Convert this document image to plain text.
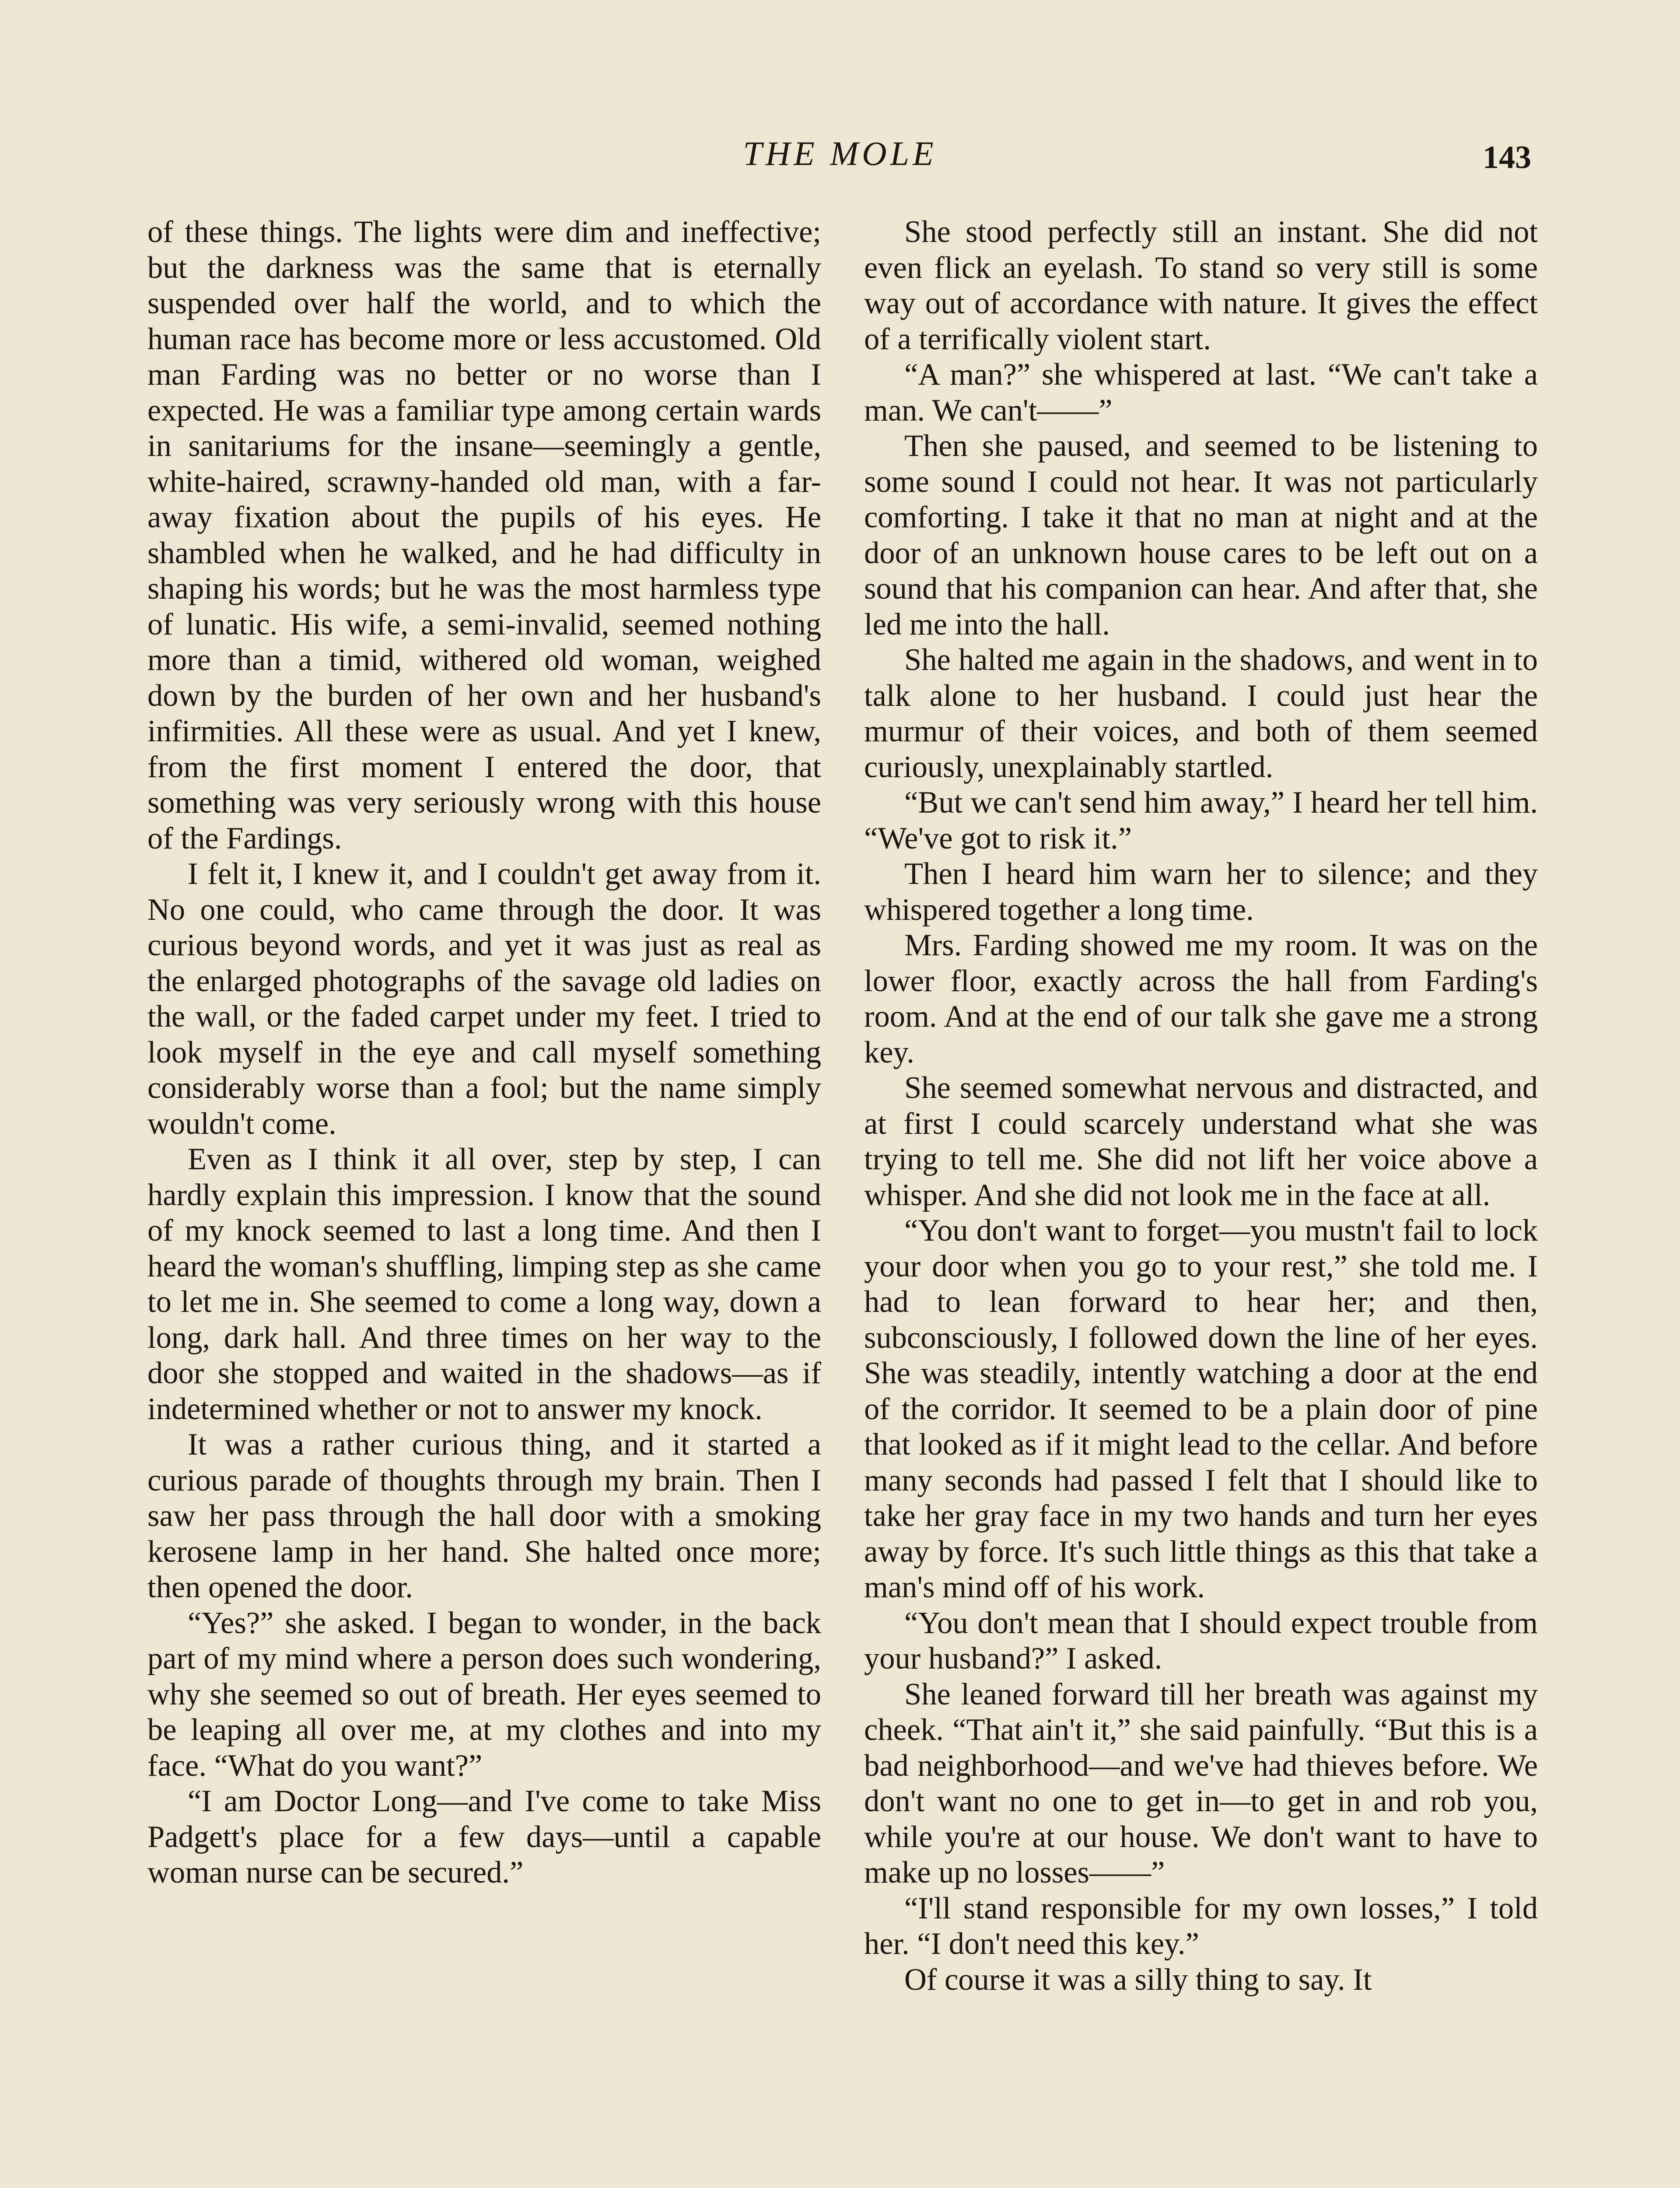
THE MOLE	143

of these things. The lights were dim and ineffective; but the darkness was the same that is eternally suspended over half the world, and to which the human race has become more or less accustomed. Old man Farding was no better or no worse than I expected. He was a familiar type among certain wards in sanitariums for the insane—seemingly a gentle, white-haired, scrawny-handed old man, with a far-away fixation about the pupils of his eyes. He shambled when he walked, and he had difficulty in shaping his words; but he was the most harmless type of lunatic. His wife, a semi-invalid, seemed nothing more than a timid, withered old woman, weighed down by the burden of her own and her husband's infirmities. All these were as usual. And yet I knew, from the first moment I entered the door, that something was very seriously wrong with this house of the Fardings.

I felt it, I knew it, and I couldn't get away from it. No one could, who came through the door. It was curious beyond words, and yet it was just as real as the enlarged photographs of the savage old ladies on the wall, or the faded carpet under my feet. I tried to look myself in the eye and call myself something considerably worse than a fool; but the name simply wouldn't come.

Even as I think it all over, step by step, I can hardly explain this impression. I know that the sound of my knock seemed to last a long time. And then I heard the woman's shuffling, limping step as she came to let me in. She seemed to come a long way, down a long, dark hall. And three times on her way to the door she stopped and waited in the shadows—as if indetermined whether or not to answer my knock.

It was a rather curious thing, and it started a curious parade of thoughts through my brain. Then I saw her pass through the hall door with a smoking kerosene lamp in her hand. She halted once more; then opened the door.

“Yes?” she asked. I began to wonder, in the back part of my mind where a person does such wondering, why she seemed so out of breath. Her eyes seemed to be leaping all over me, at my clothes and into my face. “What do you want?”

“I am Doctor Long—and I've come to take Miss Padgett's place for a few days—until a capable woman nurse can be secured.”

She stood perfectly still an instant. She did not even flick an eyelash. To stand so very still is some way out of accordance with nature. It gives the effect of a terrifically violent start.

“A man?” she whispered at last. “We can't take a man. We can't——”

Then she paused, and seemed to be listening to some sound I could not hear. It was not particularly comforting. I take it that no man at night and at the door of an unknown house cares to be left out on a sound that his companion can hear. And after that, she led me into the hall.

She halted me again in the shadows, and went in to talk alone to her husband. I could just hear the murmur of their voices, and both of them seemed curiously, unexplainably startled.

“But we can't send him away,” I heard her tell him. “We've got to risk it.”

Then I heard him warn her to silence; and they whispered together a long time.

Mrs. Farding showed me my room. It was on the lower floor, exactly across the hall from Farding's room. And at the end of our talk she gave me a strong key.

She seemed somewhat nervous and distracted, and at first I could scarcely understand what she was trying to tell me. She did not lift her voice above a whisper. And she did not look me in the face at all.

“You don't want to forget—you mustn't fail to lock your door when you go to your rest,” she told me. I had to lean forward to hear her; and then, subconsciously, I followed down the line of her eyes. She was steadily, intently watching a door at the end of the corridor. It seemed to be a plain door of pine that looked as if it might lead to the cellar. And before many seconds had passed I felt that I should like to take her gray face in my two hands and turn her eyes away by force. It's such little things as this that take a man's mind off of his work.

“You don't mean that I should expect trouble from your husband?” I asked.

She leaned forward till her breath was against my cheek. “That ain't it,” she said painfully. “But this is a bad neighborhood—and we've had thieves before. We don't want no one to get in—to get in and rob you, while you're at our house. We don't want to have to make up no losses——”

“I'll stand responsible for my own losses,” I told her. “I don't need this key.”

Of course it was a silly thing to say. It
